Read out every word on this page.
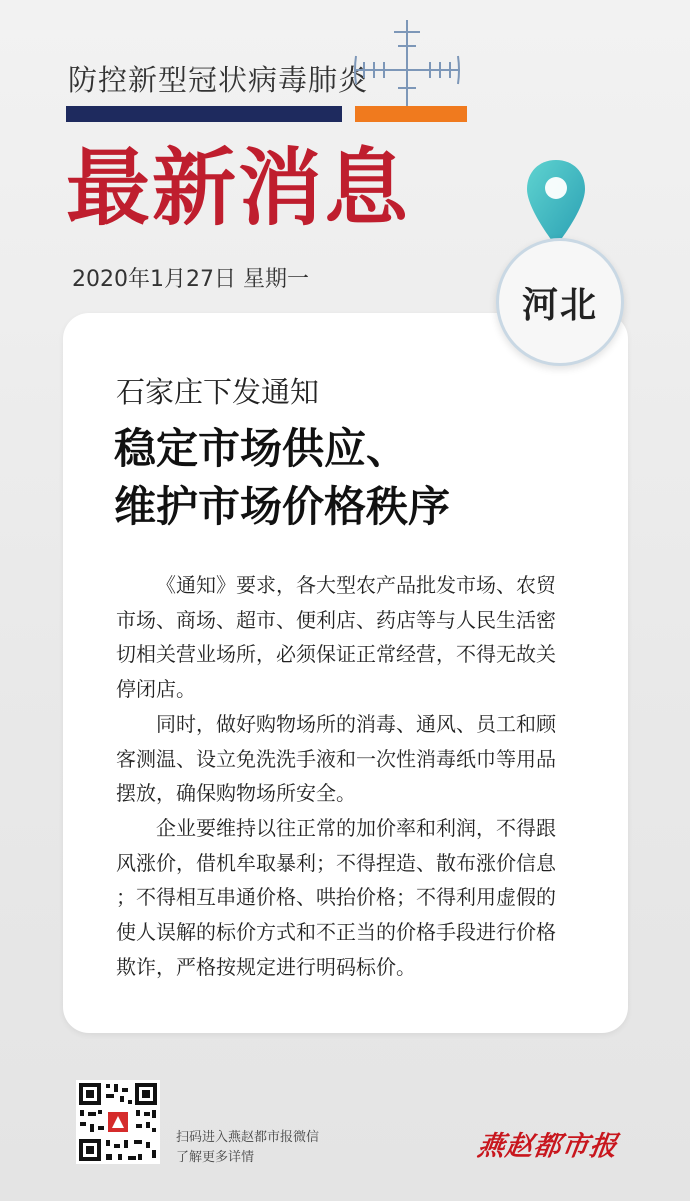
防控新型冠状病毒肺炎
最新消息
2020年1月27日 星期一
河北
石家庄下发通知
稳定市场供应、
维护市场价格秩序

《通知》要求，各大型农产品批发市场、农贸
市场、商场、超市、便利店、药店等与人民生活密
切相关营业场所，必须保证正常经营，不得无故关
停闭店。

同时，做好购物场所的消毒、通风、员工和顾
客测温、设立免洗洗手液和一次性消毒纸巾等用品
摆放，确保购物场所安全。

企业要维持以往正常的加价率和利润，不得跟
风涨价，借机牟取暴利；不得捏造、散布涨价信息
；不得相互串通价格、哄抬价格；不得利用虚假的
使人误解的标价方式和不正当的价格手段进行价格
欺诈，严格按规定进行明码标价。

扫码进入燕赵都市报微信
了解更多详情	燕赵都市报
